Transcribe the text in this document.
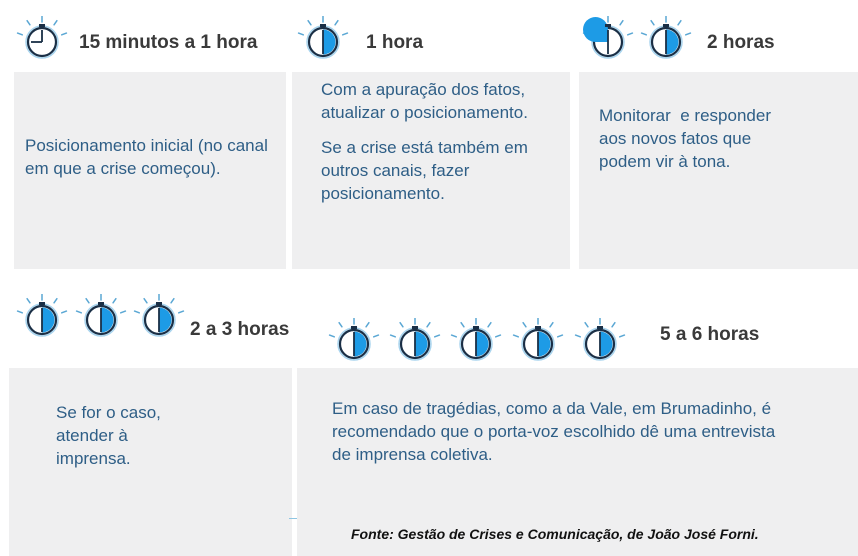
15 minutos a 1 hora	1 hora	2 horas

Posicionamento inicial (no canal em que a crise começou).

Com a apuração dos fatos, atualizar o posicionamento.

Se a crise está também em outros canais, fazer posicionamento.

Monitorar  e responder aos novos fatos que podem vir à tona.

2 a 3 horas	5 a 6 horas

Se for o caso, atender à imprensa.

Em caso de tragédias, como a da Vale, em Brumadinho, é recomendado que o porta-voz escolhido dê uma entrevista de imprensa coletiva.

Fonte: Gestão de Crises e Comunicação, de João José Forni.
